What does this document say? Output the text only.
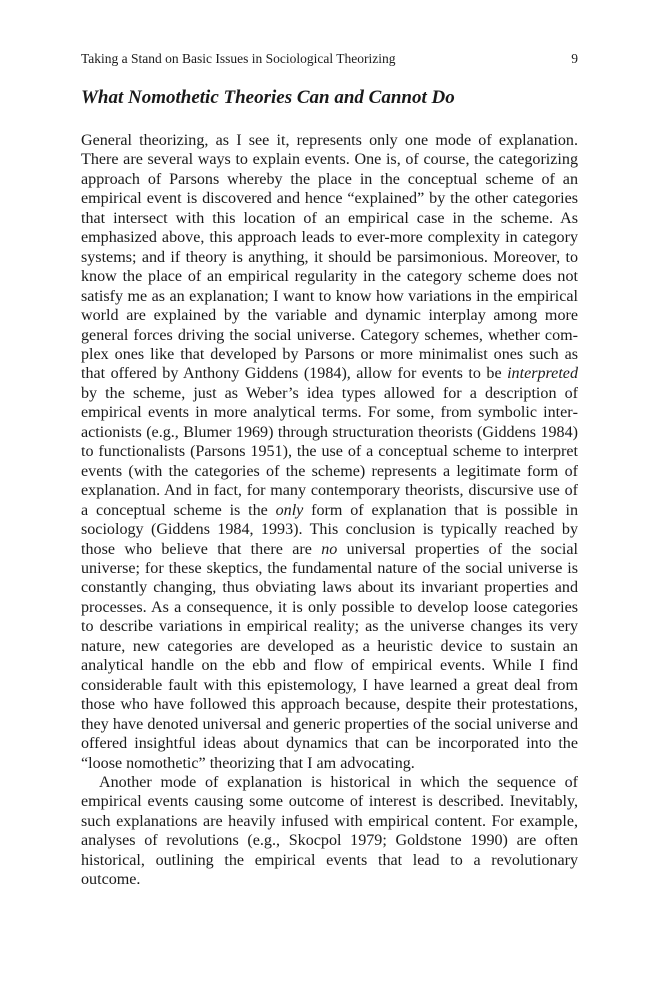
Taking a Stand on Basic Issues in Sociological Theorizing	9
What Nomothetic Theories Can and Cannot Do

General theorizing, as I see it, represents only one mode of explanation. There are several ways to explain events. One is, of course, the categorizing approach of Parsons whereby the place in the conceptual scheme of an empirical event is discovered and hence “explained” by the other categories that intersect with this location of an empirical case in the scheme. As emphasized above, this approach leads to ever-more complexity in category systems; and if theory is anything, it should be parsimonious. Moreover, to know the place of an empirical regularity in the category scheme does not satisfy me as an explanation; I want to know how variations in the empirical world are explained by the variable and dynamic interplay among more general forces driving the social universe. Category schemes, whether complex ones like that developed by Parsons or more minimalist ones such as that offered by Anthony Giddens (1984), allow for events to be interpreted by the scheme, just as Weber’s idea types allowed for a description of empirical events in more analytical terms. For some, from symbolic interactionists (e.g., Blumer 1969) through structuration theorists (Giddens 1984) to functionalists (Parsons 1951), the use of a conceptual scheme to interpret events (with the categories of the scheme) represents a legitimate form of explanation. And in fact, for many contemporary theorists, discursive use of a conceptual scheme is the only form of explanation that is possible in sociology (Giddens 1984, 1993). This conclusion is typically reached by those who believe that there are no universal properties of the social universe; for these skeptics, the fundamental nature of the social universe is constantly changing, thus obviating laws about its invariant properties and processes. As a consequence, it is only possible to develop loose categories to describe variations in empirical reality; as the universe changes its very nature, new categories are developed as a heuristic device to sustain an analytical handle on the ebb and flow of empirical events. While I find considerable fault with this epistemology, I have learned a great deal from those who have followed this approach because, despite their protestations, they have denoted universal and generic properties of the social universe and offered insightful ideas about dynamics that can be incorporated into the “loose nomothetic” theorizing that I am advocating.

Another mode of explanation is historical in which the sequence of empirical events causing some outcome of interest is described. Inevitably, such explanations are heavily infused with empirical content. For example, analyses of revolutions (e.g., Skocpol 1979; Goldstone 1990) are often historical, outlining the empirical events that lead to a revolutionary outcome.
